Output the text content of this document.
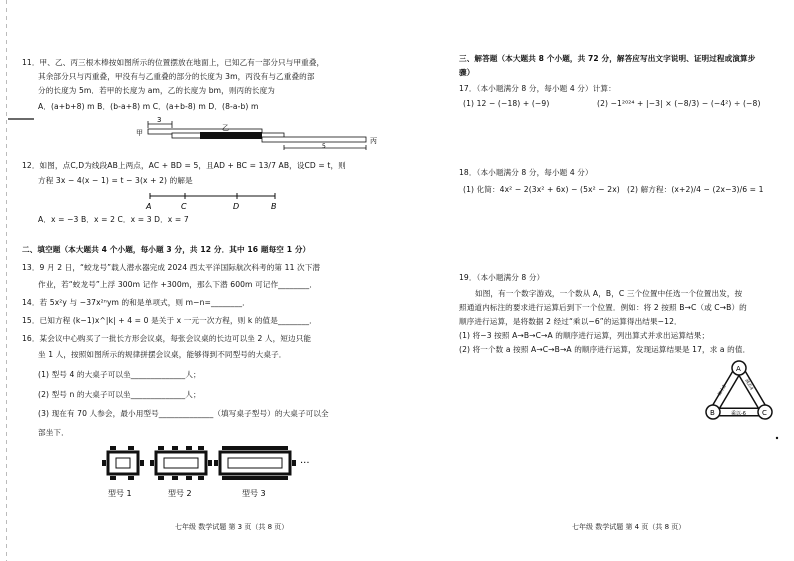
11．甲、乙、丙三根木棒按如图所示的位置摆放在地面上，已知乙有一部分只与甲重叠，
其余部分只与丙重叠，甲没有与乙重叠的部分的长度为 3m，丙没有与乙重叠的部
分的长度为 5m．若甲的长度为 am，乙的长度为 bm，则丙的长度为
A．(a+b+8) m B．(b-a+8) m C．(a+b-8) m D．(8-a-b) m
3
甲
乙
丙
5
12．如图，点C,D为线段AB上两点，AC + BD = 5，且AD + BC = 13/7 AB，设CD = t，则
方程 3x − 4(x − 1) = t − 3(x + 2) 的解是
A	C	D	B
A．x = −3 B．x = 2 C．x = 3 D．x = 7
二、填空题（本大题共 4 个小题，每小题 3 分，共 12 分．其中 16 题每空 1 分）
13．9 月 2 日，“蛟龙号”载人潜水器完成 2024 西太平洋国际航次科考的第 11 次下潜
作业，若“蛟龙号”上浮 300m 记作 +300m，那么下潜 600m 可记作________．
14．若 5x²y 与 −37x²ⁿym 的和是单项式，则 m−n=________．
15．已知方程 (k−1)x^|k| + 4 = 0 是关于 x 一元一次方程，则 k 的值是________．
16．某会议中心购买了一批长方形会议桌，每张会议桌的长边可以坐 2 人，短边只能
坐 1 人，按照如图所示的规律拼摆会议桌，能够得到不同型号的大桌子．
(1) 型号 4 的大桌子可以坐______________人；
(2) 型号 n 的大桌子可以坐______________人；
(3) 现在有 70 人参会，最小用型号______________（填写桌子型号）的大桌子可以全
部坐下．
···
型号 1	型号 2	型号 3
七年级 数学试题 第 3 页（共 8 页）
三、解答题（本大题共 8 个小题，共 72 分，解答应写出文字说明、证明过程或演算步
骤）
17．（本小题满分 8 分，每小题 4 分）计算：
(1) 12 − (−18) + (−9)	(2) −1²⁰²⁴ + |−3| × (−8/3) − (−4²) ÷ (−8)
18．（本小题满分 8 分，每小题 4 分）
(1) 化简：4x² − 2(3x² + 6x) − (5x² − 2x) (2) 解方程：(x+2)/4 − (2x−3)/6 = 1
19．（本小题满分 8 分）
如图，有一个数字游戏，一个数从 A，B，C 三个位置中任选一个位置出发，按
照通道内标注的要求进行运算后到下一个位置．例如：将 2 按照 B→C（或 C→B）的
顺序进行运算，是将数据 2 经过“乘以−6”的运算得出结果−12．
(1) 将−3 按照 A→B→C→A 的顺序进行运算，列出算式并求出运算结果；
(2) 将一个数 a 按照 A→C→B→A 的顺序进行运算，发现运算结果是 17，求 a 的值．
A
B	C
加上3	减去4
乘以-6
七年级 数学试题 第 4 页（共 8 页）
